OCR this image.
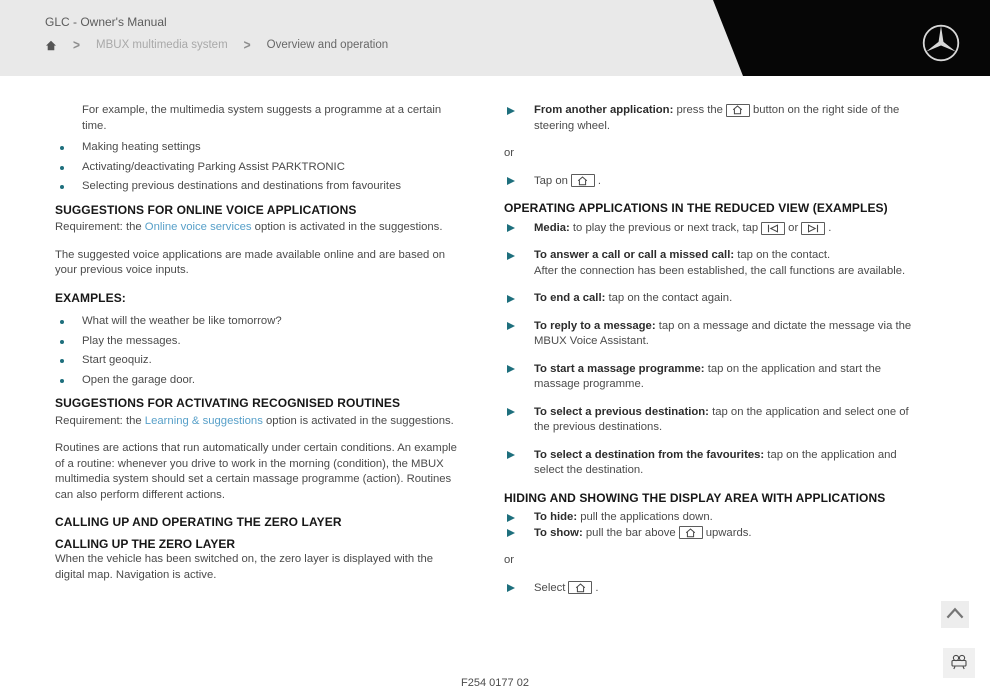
GLC - Owner's Manual
> MBUX multimedia system > Overview and operation

For example, the multimedia system suggests a programme at a certain time.

Making heating settings
Activating/deactivating Parking Assist PARKTRONIC
Selecting previous destinations and destinations from favourites
SUGGESTIONS FOR ONLINE VOICE APPLICATIONS

Requirement: the Online voice services option is activated in the suggestions.

The suggested voice applications are made available online and are based on your previous voice inputs.

EXAMPLES:
What will the weather be like tomorrow?
Play the messages.
Start geoquiz.
Open the garage door.
SUGGESTIONS FOR ACTIVATING RECOGNISED ROUTINES

Requirement: the Learning & suggestions option is activated in the suggestions.

Routines are actions that run automatically under certain conditions. An example of a routine: whenever you drive to work in the morning (condition), the MBUX multimedia system should set a certain massage programme (action). Routines can also perform different actions.

CALLING UP AND OPERATING THE ZERO LAYER
CALLING UP THE ZERO LAYER

When the vehicle has been switched on, the zero layer is displayed with the digital map. Navigation is active.

From another application: press the	button on the right side of the steering wheel.

or

Tap on	.
OPERATING APPLICATIONS IN THE REDUCED VIEW (EXAMPLES)
Media: to play the previous or next track, tap	or	.
To answer a call or call a missed call: tap on the contact.

After the connection has been established, the call functions are available.

To end a call: tap on the contact again.
To reply to a message: tap on a message and dictate the message via the MBUX Voice Assistant.
To start a massage programme: tap on the application and start the massage programme.
To select a previous destination: tap on the application and select one of the previous destinations.
To select a destination from the favourites: tap on the application and select the destination.
HIDING AND SHOWING THE DISPLAY AREA WITH APPLICATIONS
To hide: pull the applications down.
To show: pull the bar above	upwards.

or

Select	.
F254 0177 02
